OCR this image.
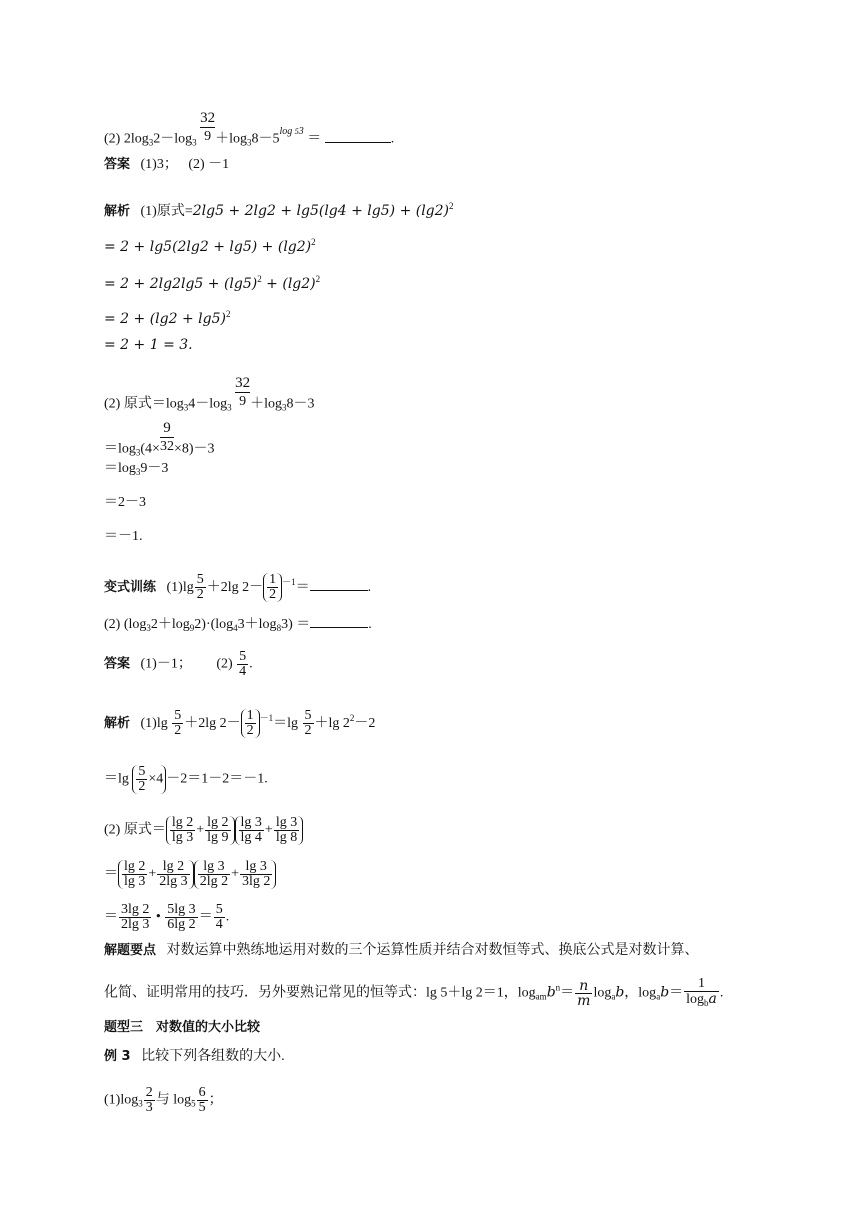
(2) $2\log_32-\log_3 \frac{32}{9} +\log_38-5^{log 53}$ ＝	.
答案 (1)3；　 (2) －1
解析 (1)原式$=2\lg 5 + 2\lg 2 + \lg 5(\lg 4 + \lg 5) + (\lg 2)^2$
= $2 + \lg 5(2\lg 2 + \lg 5) + (\lg 2)^2$
= $2 + 2\lg 2\lg 5 + (\lg 5)^2 + (\lg 2)^2$
= $2 + (\lg 2 + \lg 5)^2$
= 2 + 1 = 3.
(2) 原式$=\log_34-\log_3 \frac{32}{9} +\log_38-3$
$=\log_3(4\times \frac{9}{32} \times 8)-3$
$=\log_39-3$
＝2－3
＝－1.
变式训练 $(1)\lg \frac{5}{2} +2\lg$ $2- \frac{1}{2} ^{-1}=$	.
(2) $(\log_32+\log_92)\cdot(\log_43+\log_83)$ ＝	.
答案 (1)－1； $(2) \frac{5}{4}$ .
解析 $(1)\lg \frac{5}{2} +2\lg$ $2- \frac{1}{2} ^{-1}=\lg \frac{5}{2} +\lg$ $2^2-2$
$=\lg \frac{5}{2} \times 4 -2=1-2=-1$.
(2) 原式＝ $\frac{\lg 2}{\lg 3} + \frac{\lg 2}{\lg 9} \frac{\lg 3}{\lg 4} + \frac{\lg 3}{\lg 8}$
＝ $\frac{\lg 2}{\lg 3} + \frac{\lg 2}{2\lg 3} \frac{\lg 3}{2\lg 2} + \frac{\lg 3}{3\lg 2}$
＝ $\frac{3\lg 2}{2\lg 3}$ • $\frac{5\lg 3}{6\lg 2} = \frac{5}{4}$ .
解题要点 对数运算中熟练地运用对数的三个运算性质并结合对数恒等式、换底公式是对数计算、
化简、证明常用的技巧．另外要熟记常见的恒等式：lg 5＋lg 2＝1，$\log_{am}b^n= \frac{n}{m} \log_ab$，$\log_ab= \frac{1}{\log_ba}$ .
题型三　对数值的大小比较
例 3 比较下列各组数的大小.
$(1)\log_3 \frac{2}{3}$ 与 $\log_5 \frac{6}{5}$ ；
